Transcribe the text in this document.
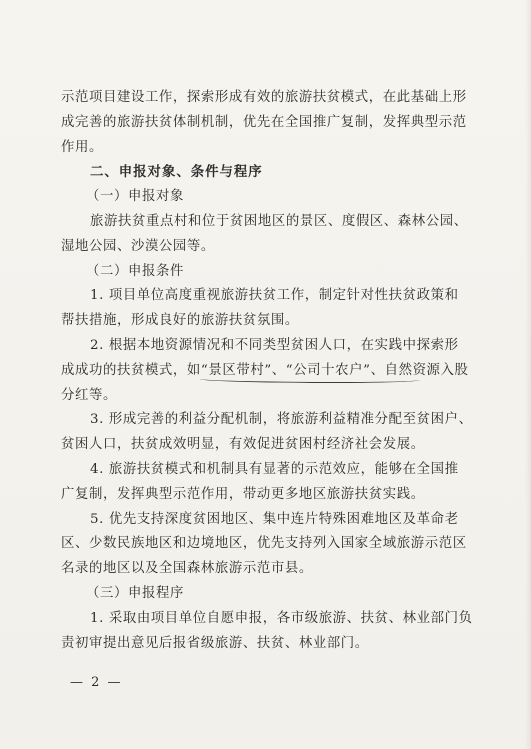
示范项目建设工作，探索形成有效的旅游扶贫模式，在此基础上形
成完善的旅游扶贫体制机制，优先在全国推广复制，发挥典型示范
作用。
二、申报对象、条件与程序
（一）申报对象
旅游扶贫重点村和位于贫困地区的景区、度假区、森林公园、
湿地公园、沙漠公园等。
（二）申报条件
1. 项目单位高度重视旅游扶贫工作，制定针对性扶贫政策和
帮扶措施，形成良好的旅游扶贫氛围。
2. 根据本地资源情况和不同类型贫困人口，在实践中探索形
成成功的扶贫模式，如“景区带村”、“公司十农户”、自然资源入股
分红等。
3. 形成完善的利益分配机制，将旅游利益精准分配至贫困户、
贫困人口，扶贫成效明显，有效促进贫困村经济社会发展。
4. 旅游扶贫模式和机制具有显著的示范效应，能够在全国推
广复制，发挥典型示范作用，带动更多地区旅游扶贫实践。
5. 优先支持深度贫困地区、集中连片特殊困难地区及革命老
区、少数民族地区和边境地区，优先支持列入国家全域旅游示范区
名录的地区以及全国森林旅游示范市县。
（三）申报程序
1. 采取由项目单位自愿申报，各市级旅游、扶贫、林业部门负
责初审提出意见后报省级旅游、扶贫、林业部门。
— 2 —
